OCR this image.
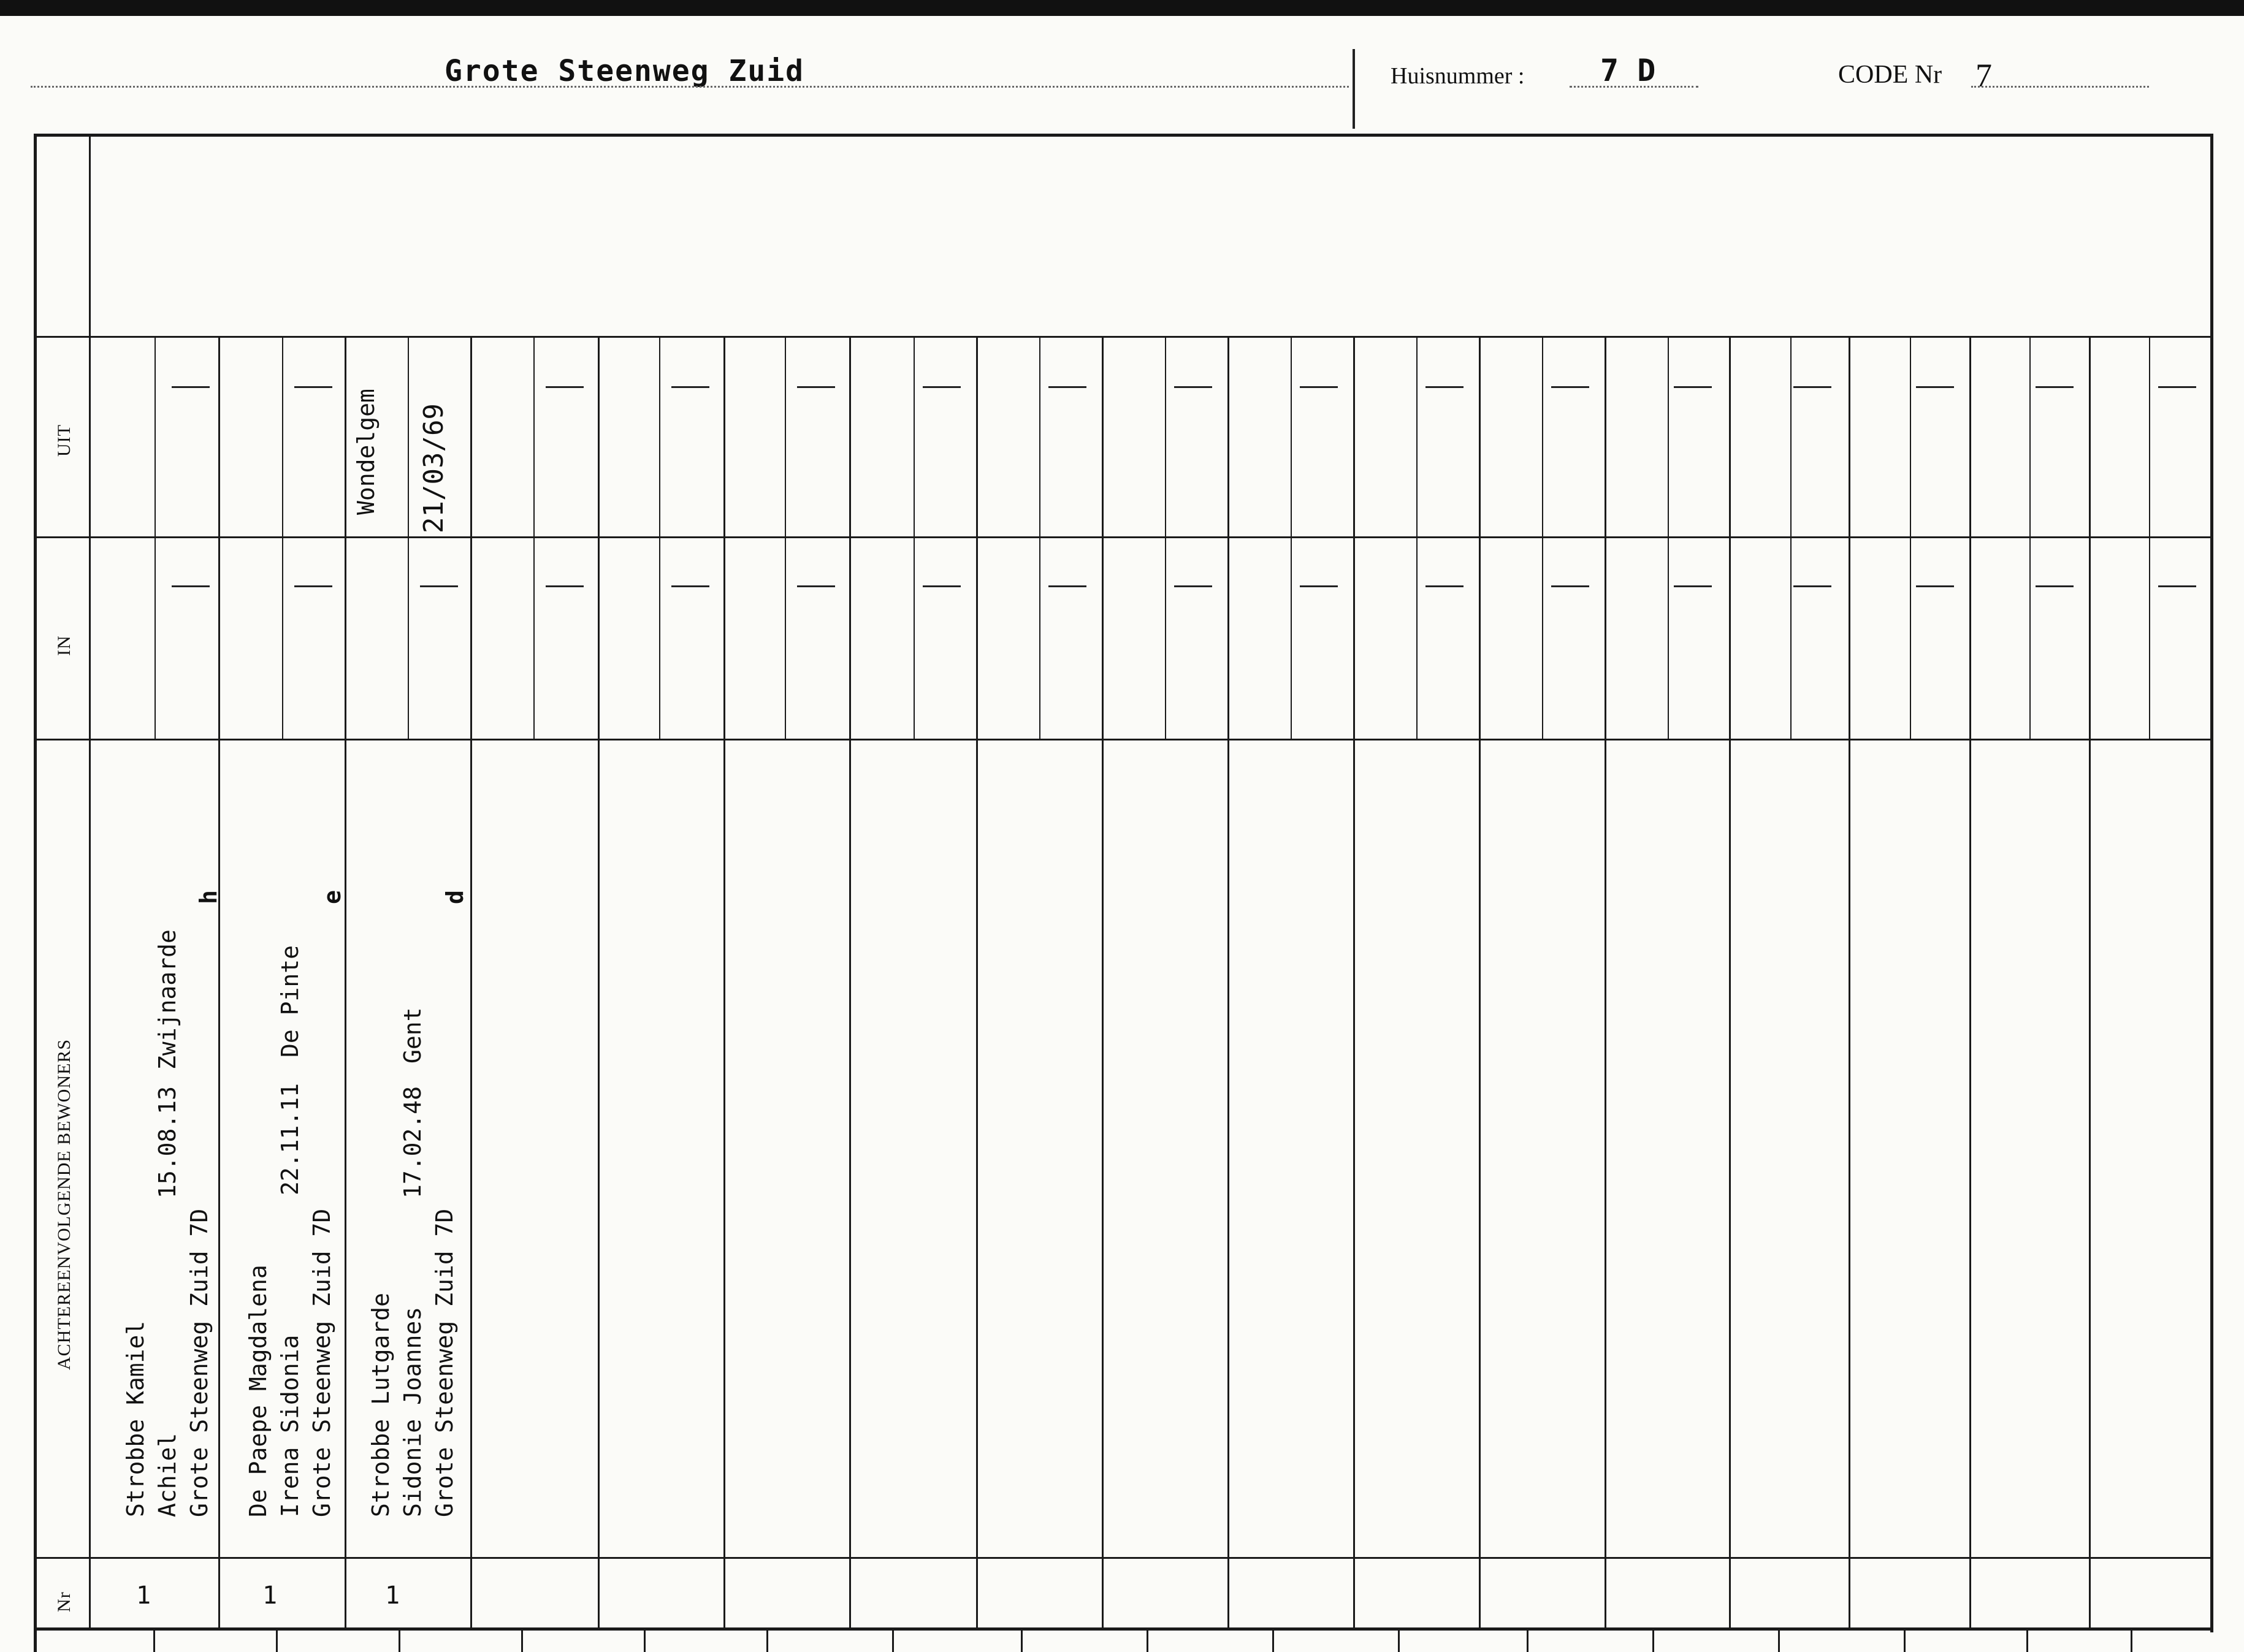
Grote Steenweg Zuid	Huisnummer : 7 D	CODE Nr 7
UIT
IN
ACHTEREENVOLGENDE BEWONERS
Nr
Strobbe Kamiel Achiel
15.08.13
Zwijnaarde
Grote Steenweg Zuid 7D
h
1
De Paepe Magdalena Irena Sidonia
22.11.11
De Pinte
Grote Steenweg Zuid 7D
e
1
Strobbe Lutgarde Sidonie Joannes
17.02.48
Gent
Grote Steenweg Zuid 7D
d
1
Wondelgem 21/03/69
